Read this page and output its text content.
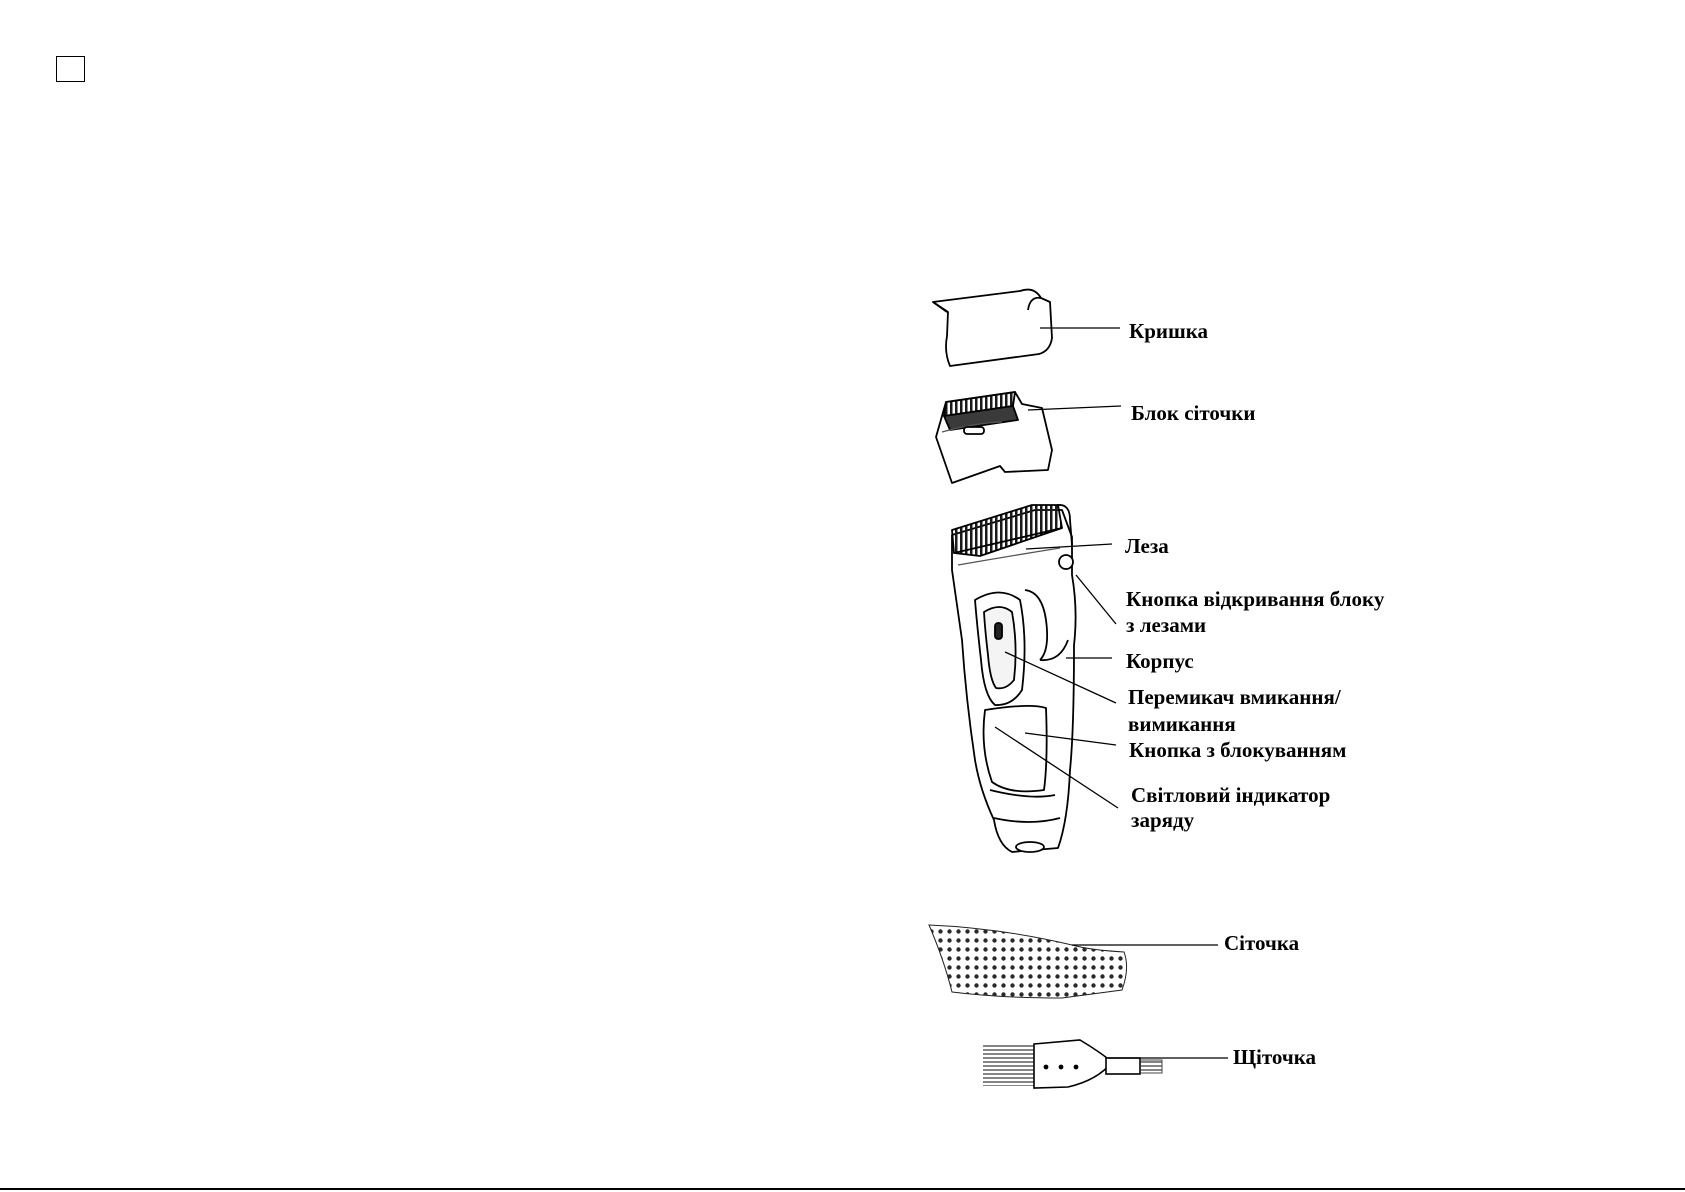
Кришка
Блок сіточки
Леза
Кнопка відкривання блоку
з лезами
Корпус
Перемикач вмикання/
вимикання
Кнопка з блокуванням
Світловий індикатор
заряду
Сіточка
Щіточка
